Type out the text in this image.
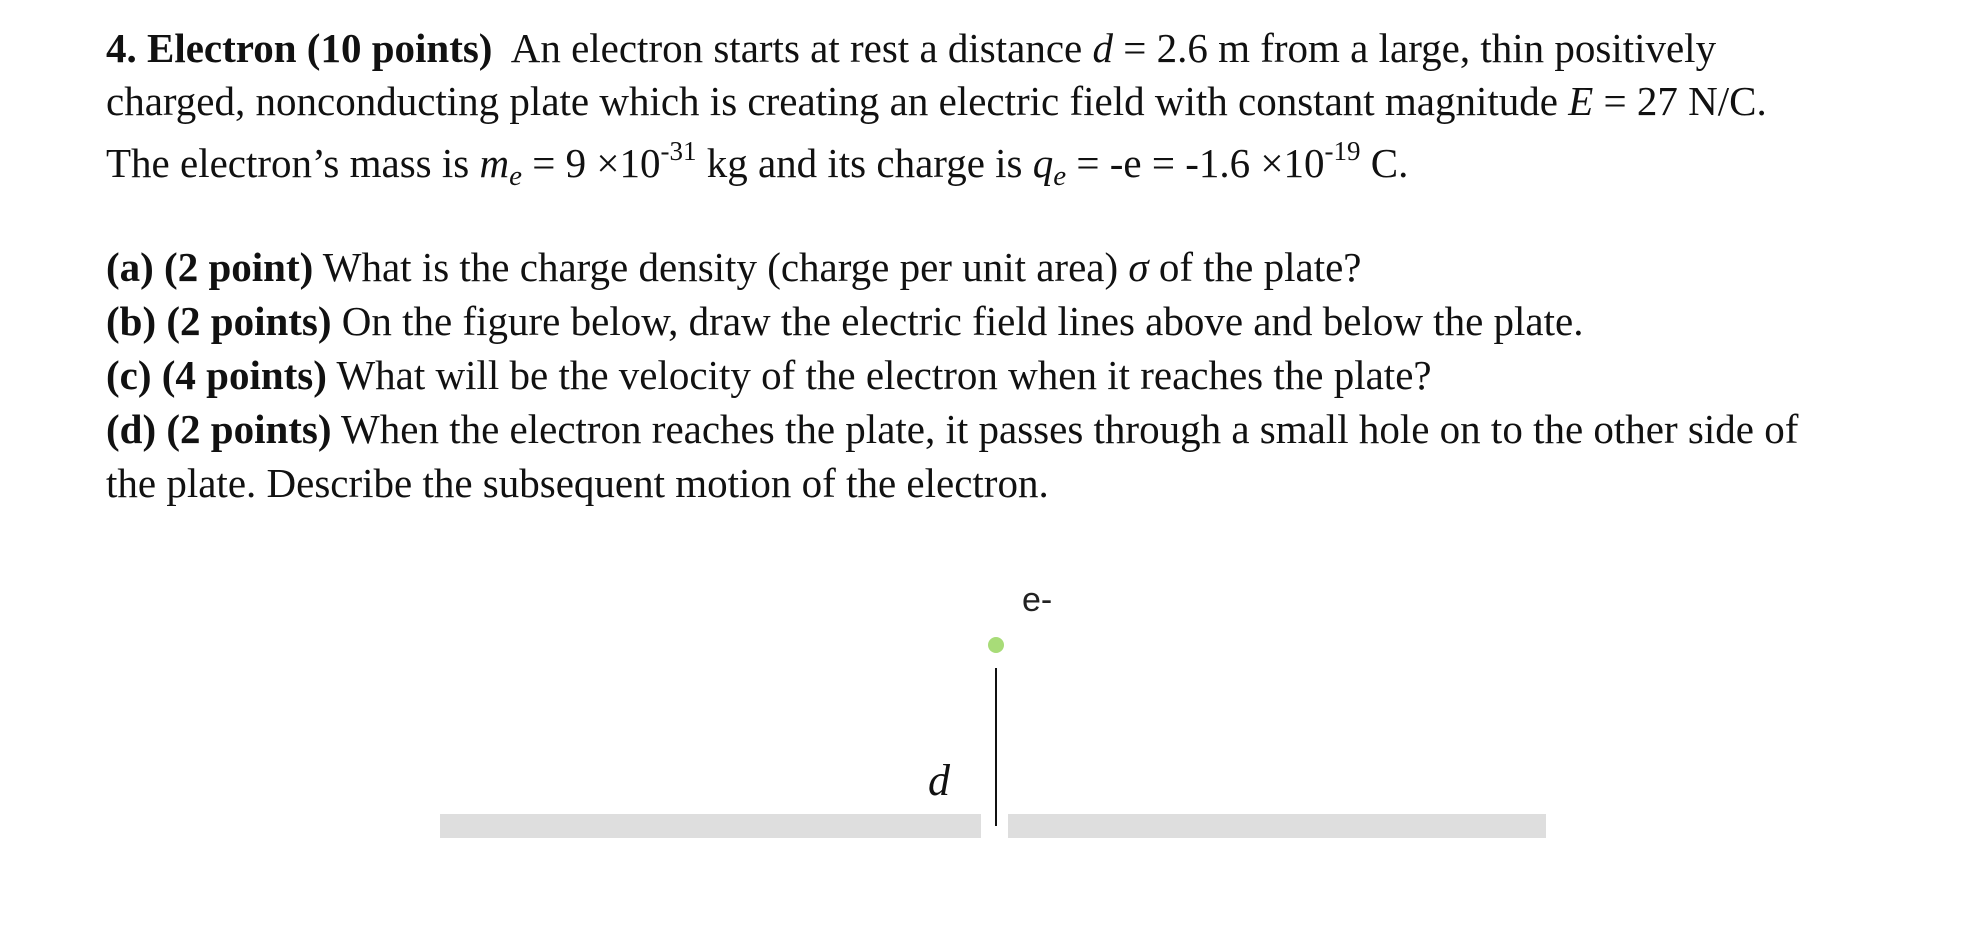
4. Electron (10 points) An electron starts at rest a distance d = 2.6 m from a large, thin positively
charged, nonconducting plate which is creating an electric field with constant magnitude E = 27 N/C.
The electron’s mass is $m_e = 9 \times 10^{-31}$ kg and its charge is $q_e = -e = -1.6 \times 10^{-19}$ C.
(a) (2 point) What is the charge density (charge per unit area) σ of the plate?
(b) (2 points) On the figure below, draw the electric field lines above and below the plate.
(c) (4 points) What will be the velocity of the electron when it reaches the plate?
(d) (2 points) When the electron reaches the plate, it passes through a small hole on to the other side of
the plate. Describe the subsequent motion of the electron.
e-
d
